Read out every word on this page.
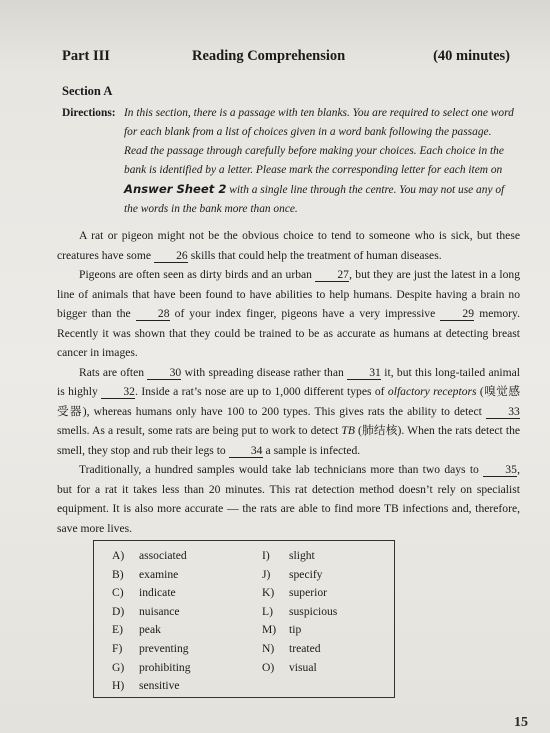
Part III	Reading Comprehension	(40 minutes)
Section A
Directions: In this section, there is a passage with ten blanks. You are required to select one word for each blank from a list of choices given in a word bank following the passage. Read the passage through carefully before making your choices. Each choice in the bank is identified by a letter. Please mark the corresponding letter for each item on Answer Sheet 2 with a single line through the centre. You may not use any of the words in the bank more than once.

A rat or pigeon might not be the obvious choice to tend to someone who is sick, but these creatures have some 26 skills that could help the treatment of human diseases.

Pigeons are often seen as dirty birds and an urban 27, but they are just the latest in a long line of animals that have been found to have abilities to help humans. Despite having a brain no bigger than the 28 of your index finger, pigeons have a very impressive 29 memory. Recently it was shown that they could be trained to be as accurate as humans at detecting breast cancer in images.

Rats are often 30 with spreading disease rather than 31 it, but this long-tailed animal is highly 32. Inside a rat’s nose are up to 1,000 different types of olfactory receptors (嗅觉感受器), whereas humans only have 100 to 200 types. This gives rats the ability to detect 33 smells. As a result, some rats are being put to work to detect TB (肺结核). When the rats detect the smell, they stop and rub their legs to 34 a sample is infected.

Traditionally, a hundred samples would take lab technicians more than two days to 35, but for a rat it takes less than 20 minutes. This rat detection method doesn’t rely on specialist equipment. It is also more accurate — the rats are able to find more TB infections and, therefore, save more lives.

A) associated
B) examine
C) indicate
D) nuisance
E) peak
F) preventing
G) prohibiting
H) sensitive
I) slight
J) specify
K) superior
L) suspicious
M) tip
N) treated
O) visual
15
